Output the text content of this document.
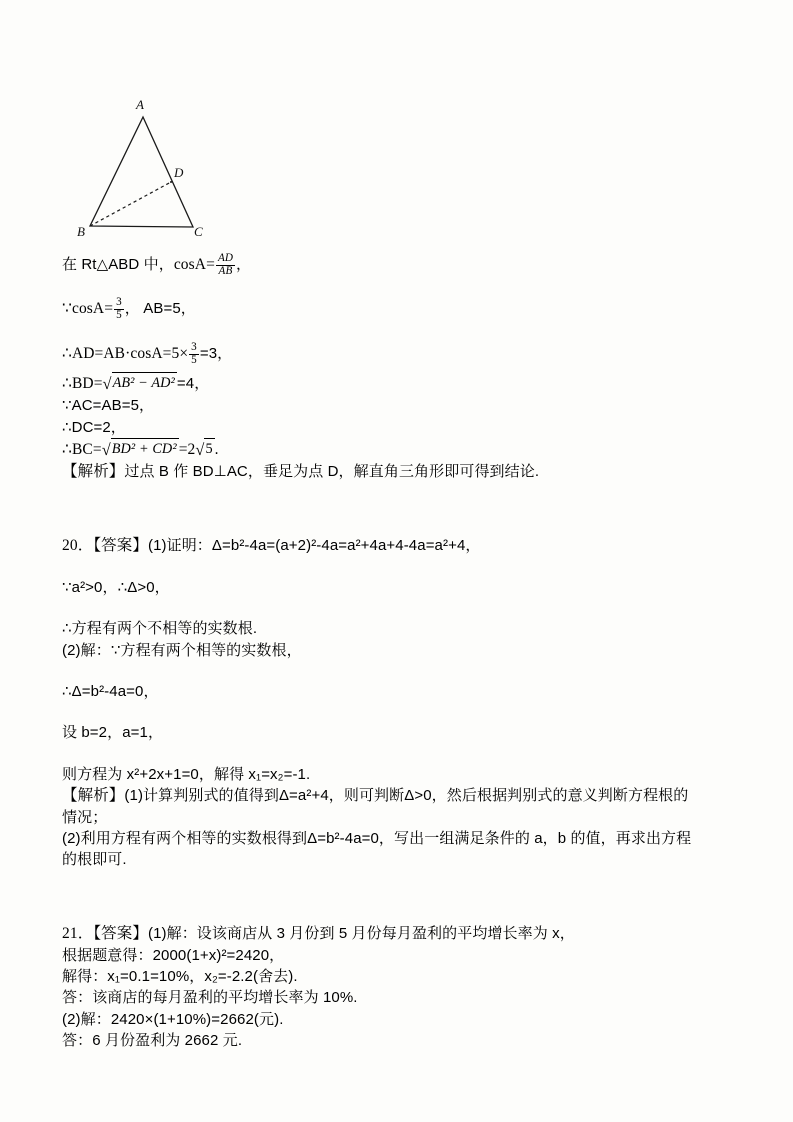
A
D
B	C
在 Rt△ABD 中，$\cos A= \frac{AD}{AB}$ ，
∵cosA= $\frac{3}{5}$ ， AB=5，
∴AD=AB·cosA=5× $\frac{3}{5} =3$，
∴BD=√AB² − AD² =4，
∵AC=AB=5，
∴DC=2，
∴BC=√BD² + CD² =2√5 .
【解析】过点 B 作 BD⊥AC，垂足为点 D，解直角三角形即可得到结论.
20．【答案】(1)证明：Δ=b²-4a=(a+2)²-4a=a²+4a+4-4a=a²+4，
∵a²>0，∴Δ>0，
∴方程有两个不相等的实数根.
(2)解：∵方程有两个相等的实数根，
∴Δ=b²-4a=0，
设 b=2，a=1，
则方程为 x²+2x+1=0，解得 x₁=x₂=-1.
【解析】(1)计算判别式的值得到Δ=a²+4，则可判断Δ>0，然后根据判别式的意义判断方程根的
情况；
(2)利用方程有两个相等的实数根得到Δ=b²-4a=0，写出一组满足条件的 a，b 的值，再求出方程
的根即可.
21．【答案】(1)解：设该商店从 3 月份到 5 月份每月盈利的平均增长率为 x，
根据题意得：2000(1+x)²=2420，
解得：x₁=0.1=10%，x₂=-2.2(舍去).
答：该商店的每月盈利的平均增长率为 10%.
(2)解：2420×(1+10%)=2662(元).
答：6 月份盈利为 2662 元.
